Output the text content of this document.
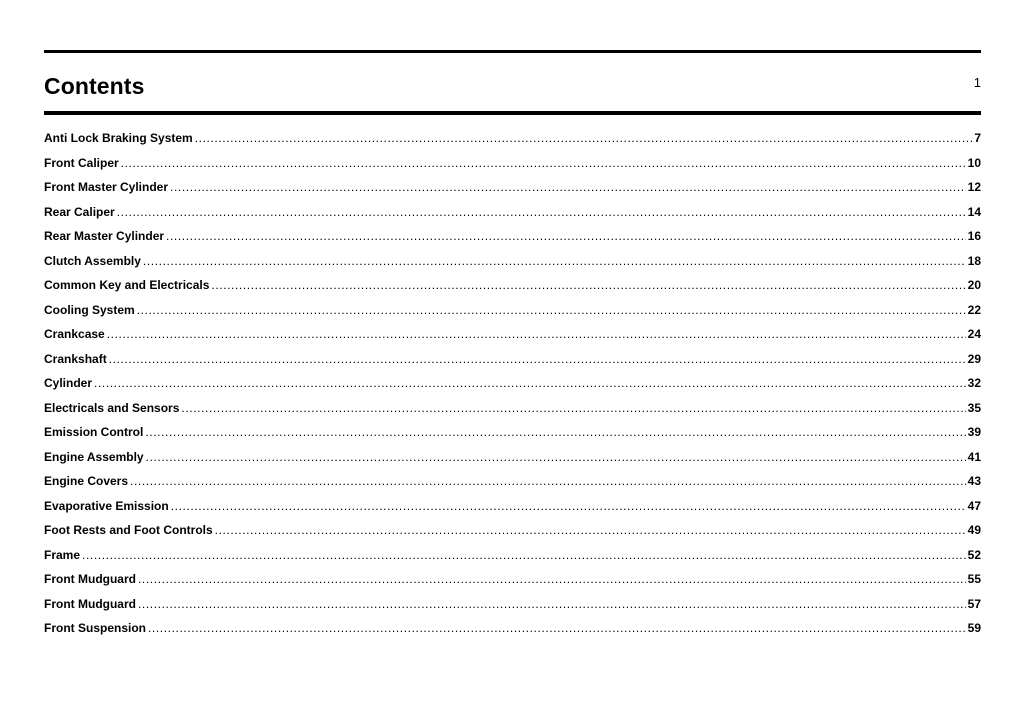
Contents	1
Anti Lock Braking System .....	7
Front Caliper .....	10
Front Master Cylinder .....	12
Rear Caliper .....	14
Rear Master Cylinder .....	16
Clutch Assembly .....	18
Common Key and Electricals .....	20
Cooling System .....	22
Crankcase .....	24
Crankshaft .....	29
Cylinder .....	32
Electricals and Sensors .....	35
Emission Control .....	39
Engine Assembly .....	41
Engine Covers .....	43
Evaporative Emission .....	47
Foot Rests and Foot Controls .....	49
Frame .....	52
Front Mudguard .....	55
Front Mudguard .....	57
Front Suspension .....	59
